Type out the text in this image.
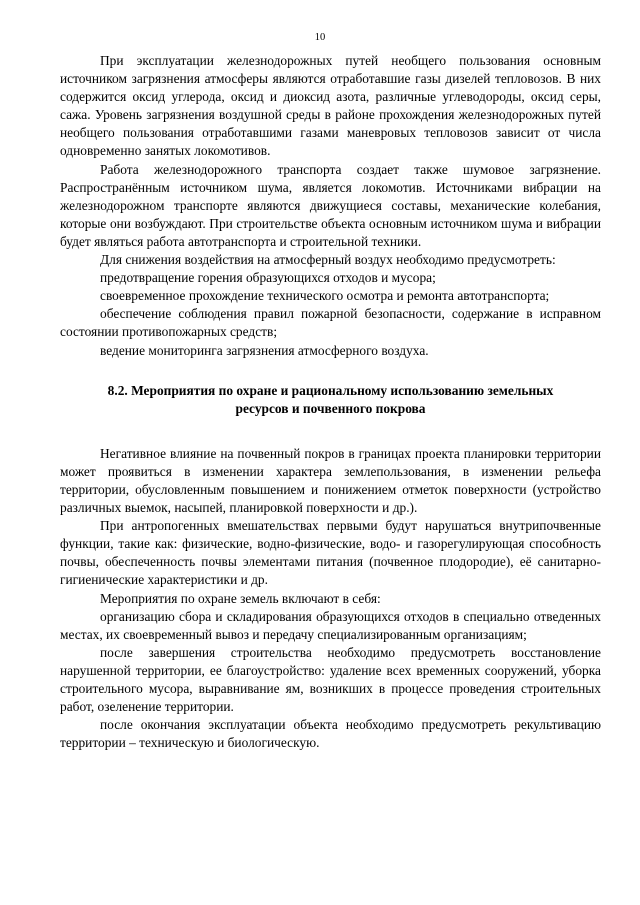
10

При эксплуатации железнодорожных путей необщего пользования основным источником загрязнения атмосферы являются отработавшие газы дизелей тепловозов. В них содержится оксид углерода, оксид и диоксид азота, различные углеводороды, оксид серы, сажа. Уровень загрязнения воздушной среды в районе прохождения железнодорожных путей необщего пользования отработавшими газами маневровых тепловозов зависит от числа одновременно занятых локомотивов.

Работа железнодорожного транспорта создает также шумовое загрязнение. Распространённым источником шума, является локомотив. Источниками вибрации на железнодорожном транспорте являются движущиеся составы, механические колебания, которые они возбуждают. При строительстве объекта основным источником шума и вибрации будет являться работа автотранспорта и строительной техники.

Для снижения воздействия на атмосферный воздух необходимо предусмотреть:

предотвращение горения образующихся отходов и мусора;

своевременное прохождение технического осмотра и ремонта автотранспорта;

обеспечение соблюдения правил пожарной безопасности, содержание в исправном состоянии противопожарных средств;

ведение мониторинга загрязнения атмосферного воздуха.

8.2. Мероприятия по охране и рациональному использованию земельных
ресурсов и почвенного покрова

Негативное влияние на почвенный покров в границах проекта планировки территории может проявиться в изменении характера землепользования, в изменении рельефа территории, обусловленным повышением и понижением отметок поверхности (устройство различных выемок, насыпей, планировкой поверхности и др.).

При антропогенных вмешательствах первыми будут нарушаться внутрипочвенные функции, такие как: физические, водно-физические, водо- и газорегулирующая способность почвы, обеспеченность почвы элементами питания (почвенное плодородие), её санитарно-гигиенические характеристики и др.

Мероприятия по охране земель включают в себя:

организацию сбора и складирования образующихся отходов в специально отведенных местах, их своевременный вывоз и передачу специализированным организациям;

после завершения строительства необходимо предусмотреть восстановление нарушенной территории, ее благоустройство: удаление всех временных сооружений, уборка строительного мусора, выравнивание ям, возникших в процессе проведения строительных работ, озеленение территории.

после окончания эксплуатации объекта необходимо предусмотреть рекультивацию территории – техническую и биологическую.
